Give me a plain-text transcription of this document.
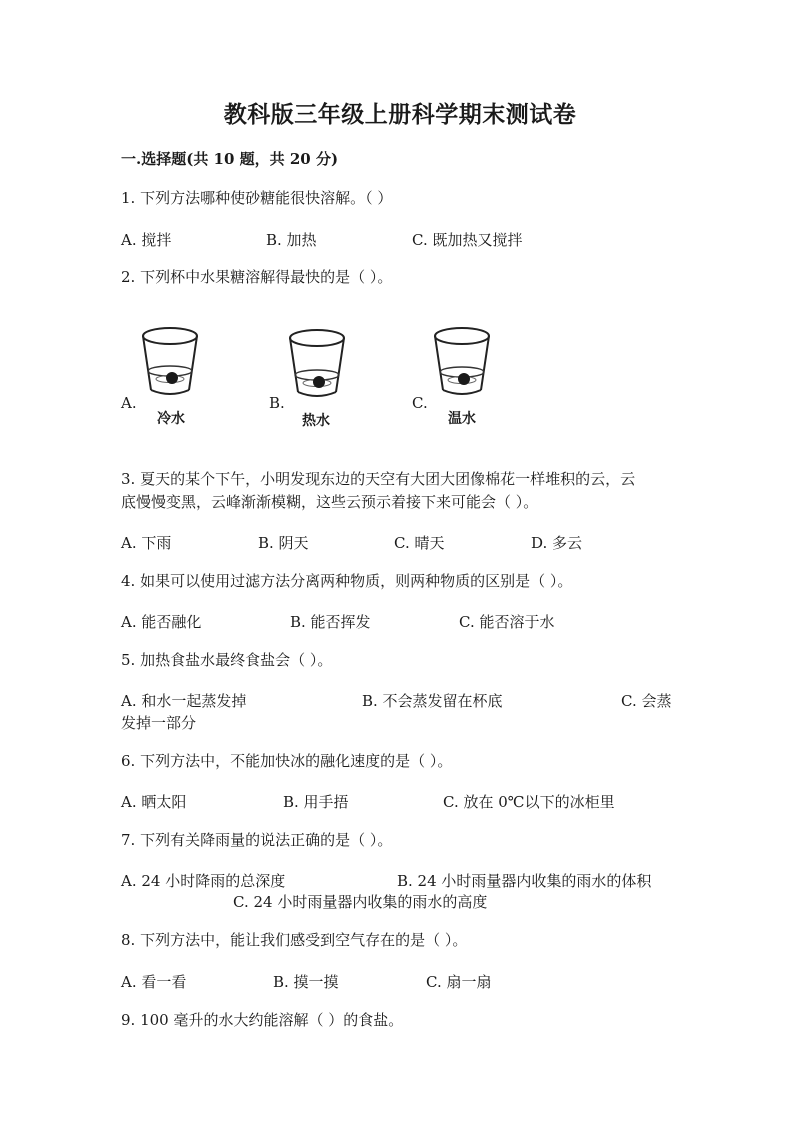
教科版三年级上册科学期末测试卷
一.选择题(共 10 题，共 20 分)
1. 下列方法哪种使砂糖能很快溶解。（ ）
A. 搅拌	B. 加热	C. 既加热又搅拌
2. 下列杯中水果糖溶解得最快的是（ ）。
A.
冷水
B.
热水
C.
温水
3. 夏天的某个下午，小明发现东边的天空有大团大团像棉花一样堆积的云，云
底慢慢变黑，云峰渐渐模糊，这些云预示着接下来可能会（ ）。
A. 下雨	B. 阴天	C. 晴天	D. 多云
4. 如果可以使用过滤方法分离两种物质，则两种物质的区别是（ ）。
A. 能否融化	B. 能否挥发	C. 能否溶于水
5. 加热食盐水最终食盐会（ ）。
A. 和水一起蒸发掉	B. 不会蒸发留在杯底	C. 会蒸
发掉一部分
6. 下列方法中，不能加快冰的融化速度的是（ ）。
A. 晒太阳	B. 用手捂	C. 放在 0℃以下的冰柜里
7. 下列有关降雨量的说法正确的是（ ）。
A. 24 小时降雨的总深度	B. 24 小时雨量器内收集的雨水的体积
C. 24 小时雨量器内收集的雨水的高度
8. 下列方法中，能让我们感受到空气存在的是（ ）。
A. 看一看	B. 摸一摸	C. 扇一扇
9. 100 毫升的水大约能溶解（ ）的食盐。
